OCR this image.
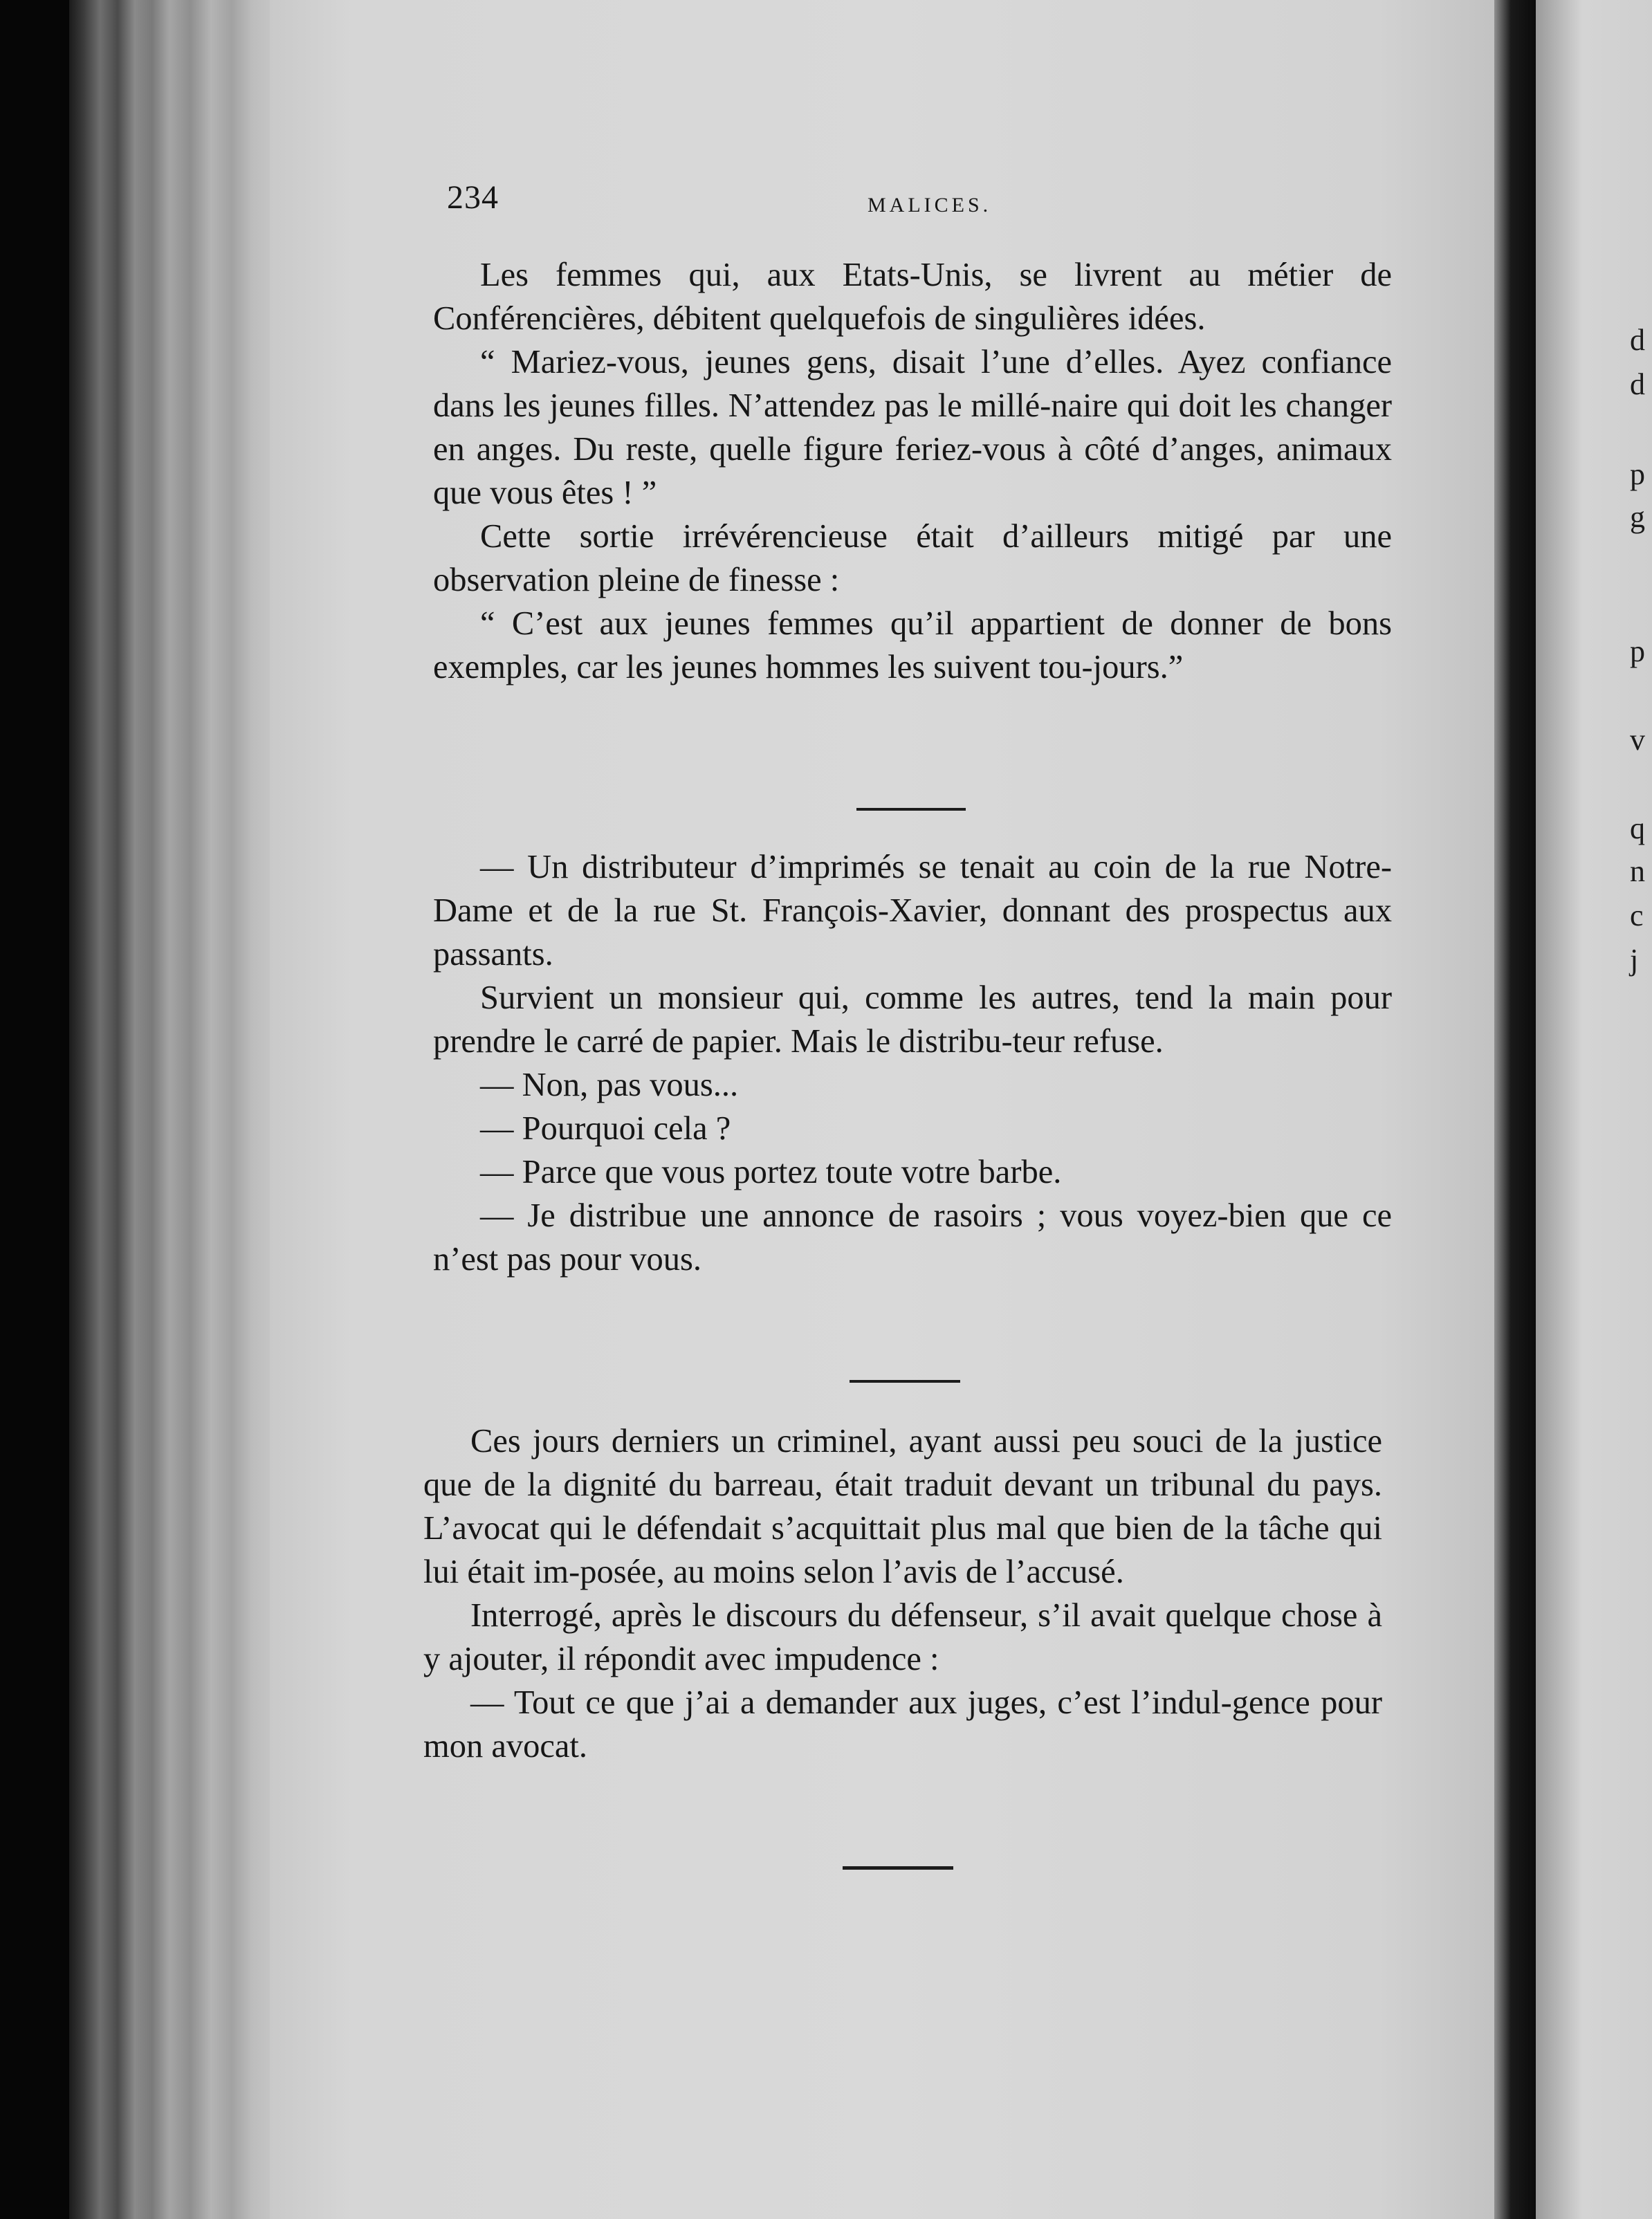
d
d
p
g
p
v
q
n
c
j
234	MALICES.

Les femmes qui, aux Etats-Unis, se livrent au métier de Conférencières, débitent quelquefois de singulières idées.

“ Mariez-vous, jeunes gens, disait l’une d’elles. Ayez confiance dans les jeunes filles. N’attendez pas le millé-naire qui doit les changer en anges. Du reste, quelle figure feriez-vous à côté d’anges, animaux que vous êtes ! ”

Cette sortie irrévérencieuse était d’ailleurs mitigé par une observation pleine de finesse :

“ C’est aux jeunes femmes qu’il appartient de donner de bons exemples, car les jeunes hommes les suivent tou-jours.”

— Un distributeur d’imprimés se tenait au coin de la rue Notre-Dame et de la rue St. François-Xavier, donnant des prospectus aux passants.

Survient un monsieur qui, comme les autres, tend la main pour prendre le carré de papier. Mais le distribu-teur refuse.

— Non, pas vous...

— Pourquoi cela ?

— Parce que vous portez toute votre barbe.

— Je distribue une annonce de rasoirs ; vous voyez-bien que ce n’est pas pour vous.

Ces jours derniers un criminel, ayant aussi peu souci de la justice que de la dignité du barreau, était traduit devant un tribunal du pays. L’avocat qui le défendait s’acquittait plus mal que bien de la tâche qui lui était im-posée, au moins selon l’avis de l’accusé.

Interrogé, après le discours du défenseur, s’il avait quelque chose à y ajouter, il répondit avec impudence :

— Tout ce que j’ai a demander aux juges, c’est l’indul-gence pour mon avocat.
